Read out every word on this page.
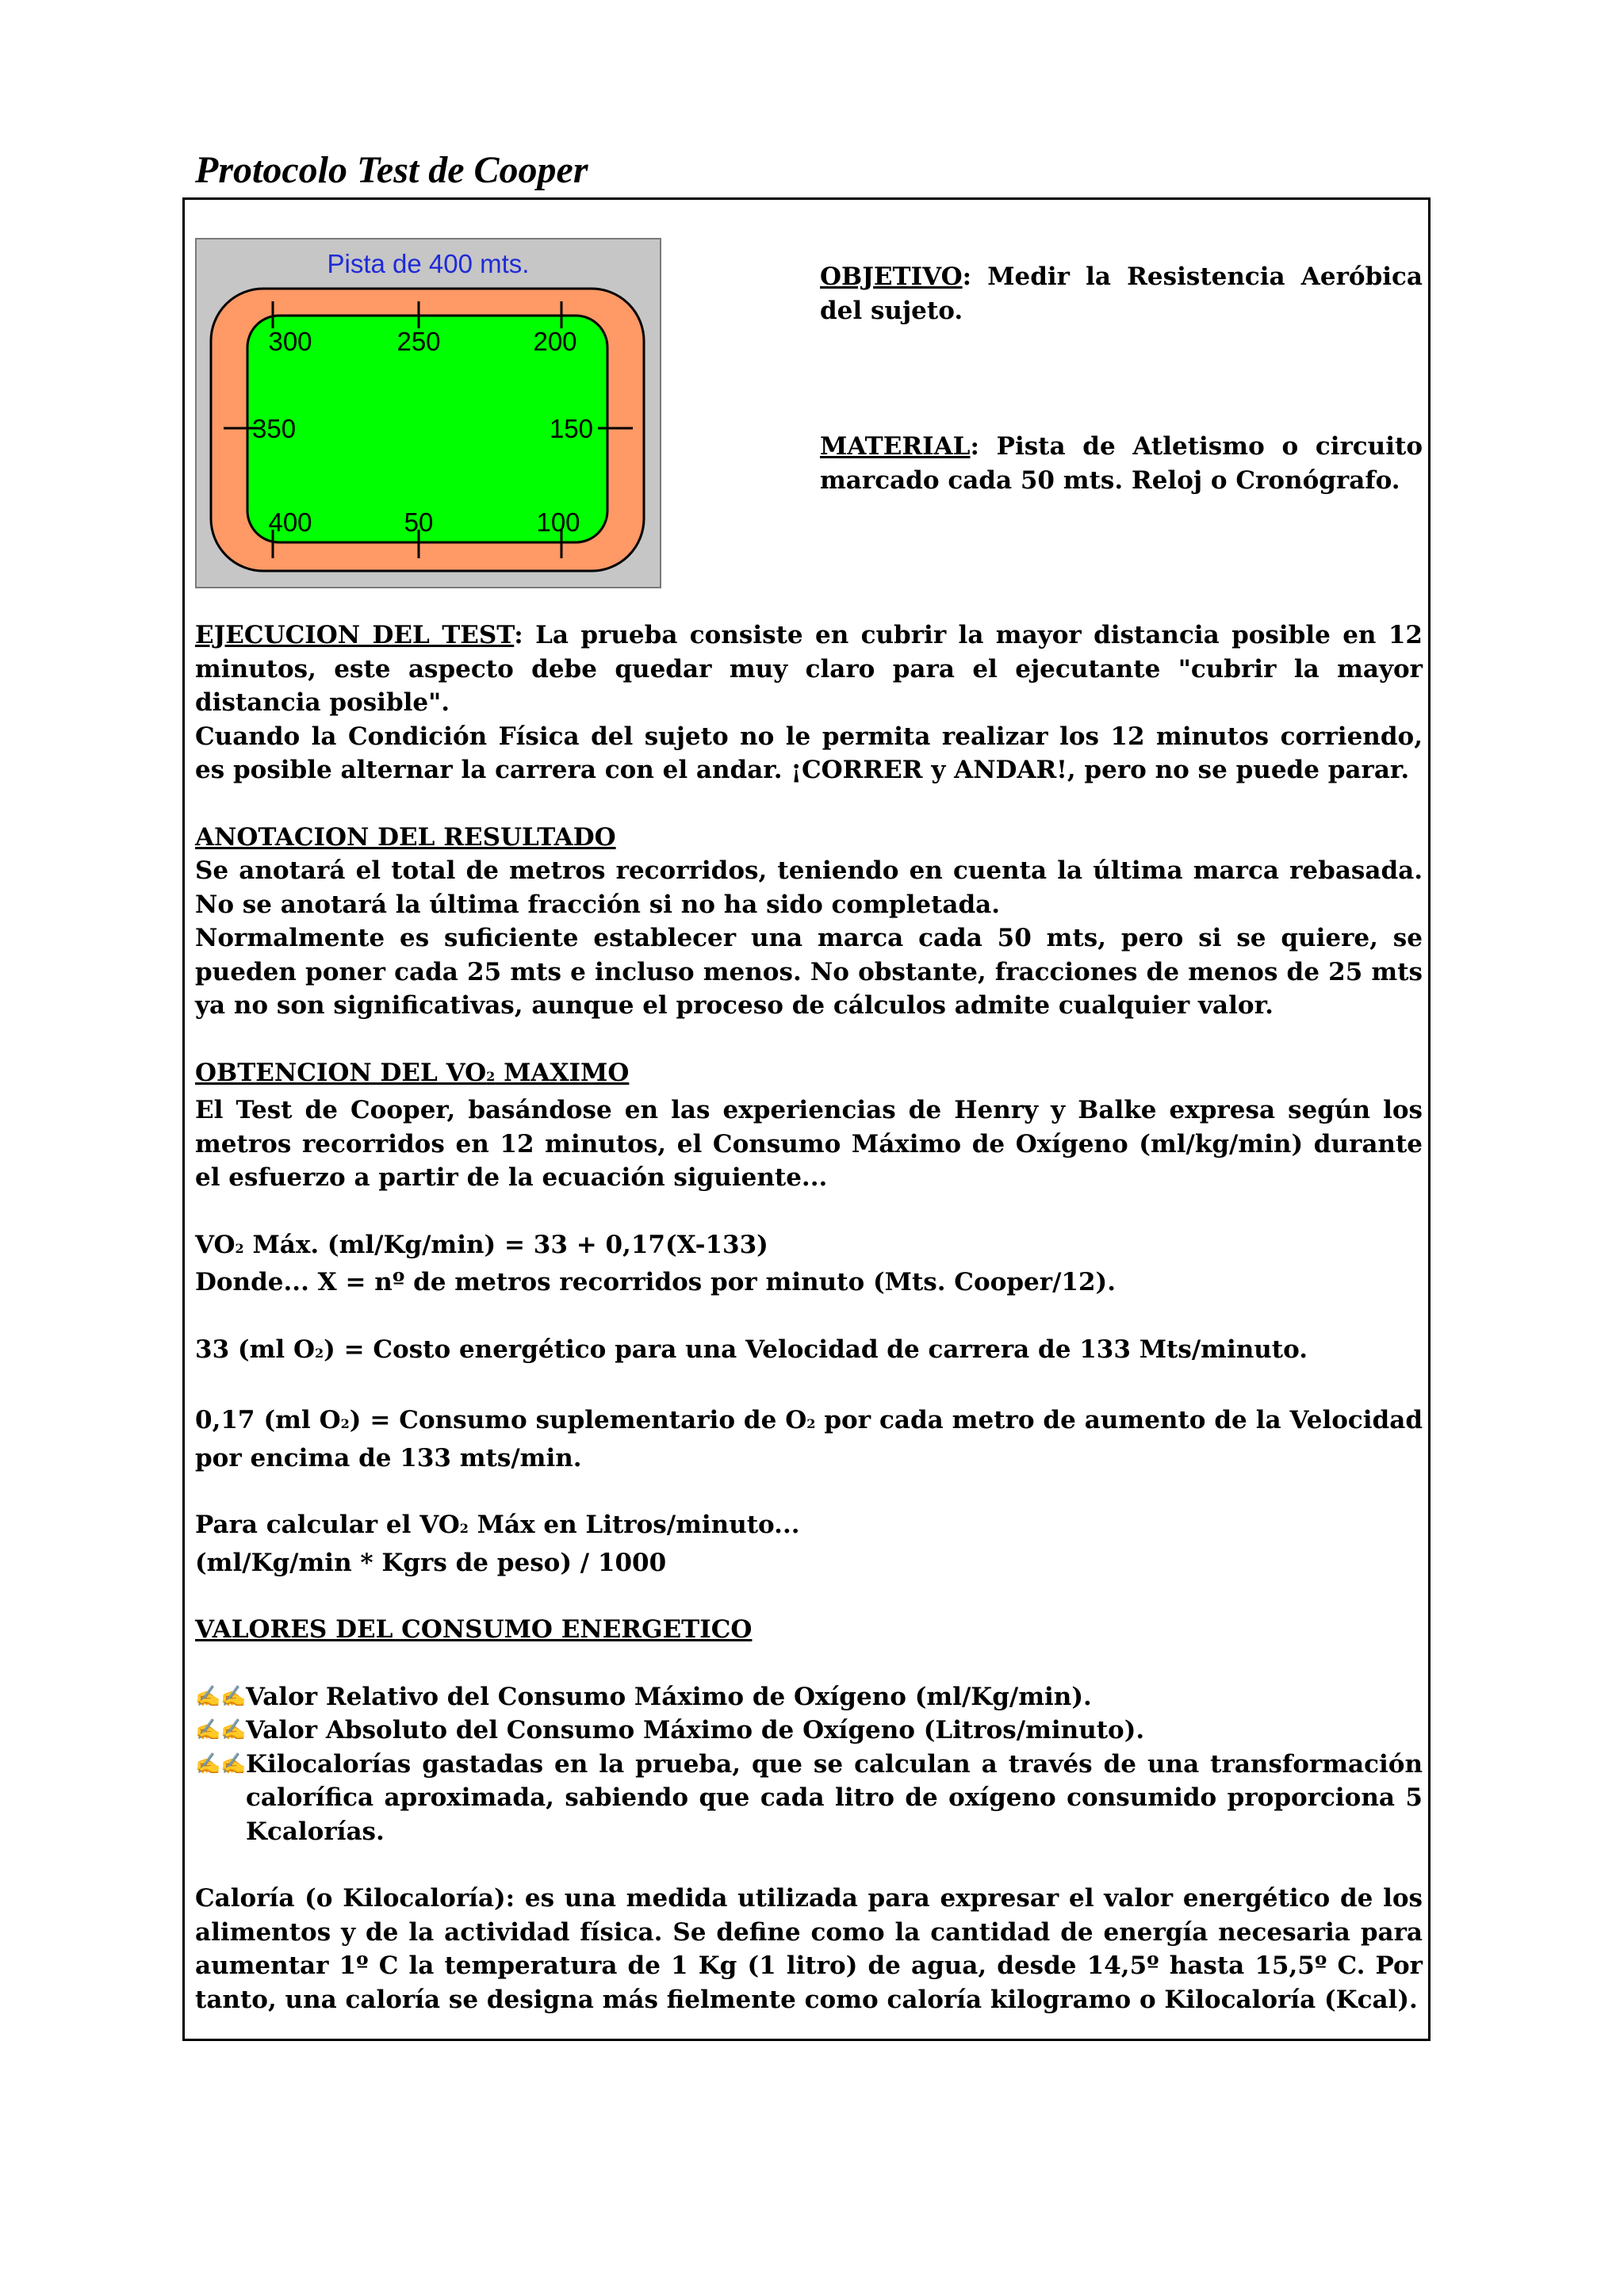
Protocolo Test de Cooper
Pista de 400 mts.
300	250	200
350	150
400	50	100

OBJETIVO: Medir la Resistencia Aeróbica del sujeto.

MATERIAL: Pista de Atletismo o circuito marcado cada 50 mts. Reloj o Cronógrafo.

EJECUCION DEL TEST: La prueba consiste en cubrir la mayor distancia posible en 12 minutos, este aspecto debe quedar muy claro para el ejecutante "cubrir la mayor distancia posible".

Cuando la Condición Física del sujeto no le permita realizar los 12 minutos corriendo, es posible alternar la carrera con el andar. ¡CORRER y ANDAR!, pero no se puede parar.

ANOTACION DEL RESULTADO

Se anotará el total de metros recorridos, teniendo en cuenta la última marca rebasada. No se anotará la última fracción si no ha sido completada.

Normalmente es suficiente establecer una marca cada 50 mts, pero si se quiere, se pueden poner cada 25 mts e incluso menos. No obstante, fracciones de menos de 25 mts ya no son significativas, aunque el proceso de cálculos admite cualquier valor.

OBTENCION DEL VO2 MAXIMO

El Test de Cooper, basándose en las experiencias de Henry y Balke expresa según los metros recorridos en 12 minutos, el Consumo Máximo de Oxígeno (ml/kg/min) durante el esfuerzo a partir de la ecuación siguiente...

VO2 Máx. (ml/Kg/min) = 33 + 0,17(X-133)

Donde... X = nº de metros recorridos por minuto (Mts. Cooper/12).

33 (ml O2) = Costo energético para una Velocidad de carrera de 133 Mts/minuto.

0,17 (ml O2) = Consumo suplementario de O2 por cada metro de aumento de la Velocidad por encima de 133 mts/min.

Para calcular el VO2 Máx en Litros/minuto...

(ml/Kg/min * Kgrs de peso) / 1000

VALORES DEL CONSUMO ENERGETICO

✍✍ Valor Relativo del Consumo Máximo de Oxígeno (ml/Kg/min).
✍✍ Valor Absoluto del Consumo Máximo de Oxígeno (Litros/minuto).
✍✍ Kilocalorías gastadas en la prueba, que se calculan a través de una transformación calorífica aproximada, sabiendo que cada litro de oxígeno consumido proporciona 5 Kcalorías.

Caloría (o Kilocaloría): es una medida utilizada para expresar el valor energético de los alimentos y de la actividad física. Se define como la cantidad de energía necesaria para aumentar 1º C la temperatura de 1 Kg (1 litro) de agua, desde 14,5º hasta 15,5º C. Por tanto, una caloría se designa más fielmente como caloría kilogramo o Kilocaloría (Kcal).
